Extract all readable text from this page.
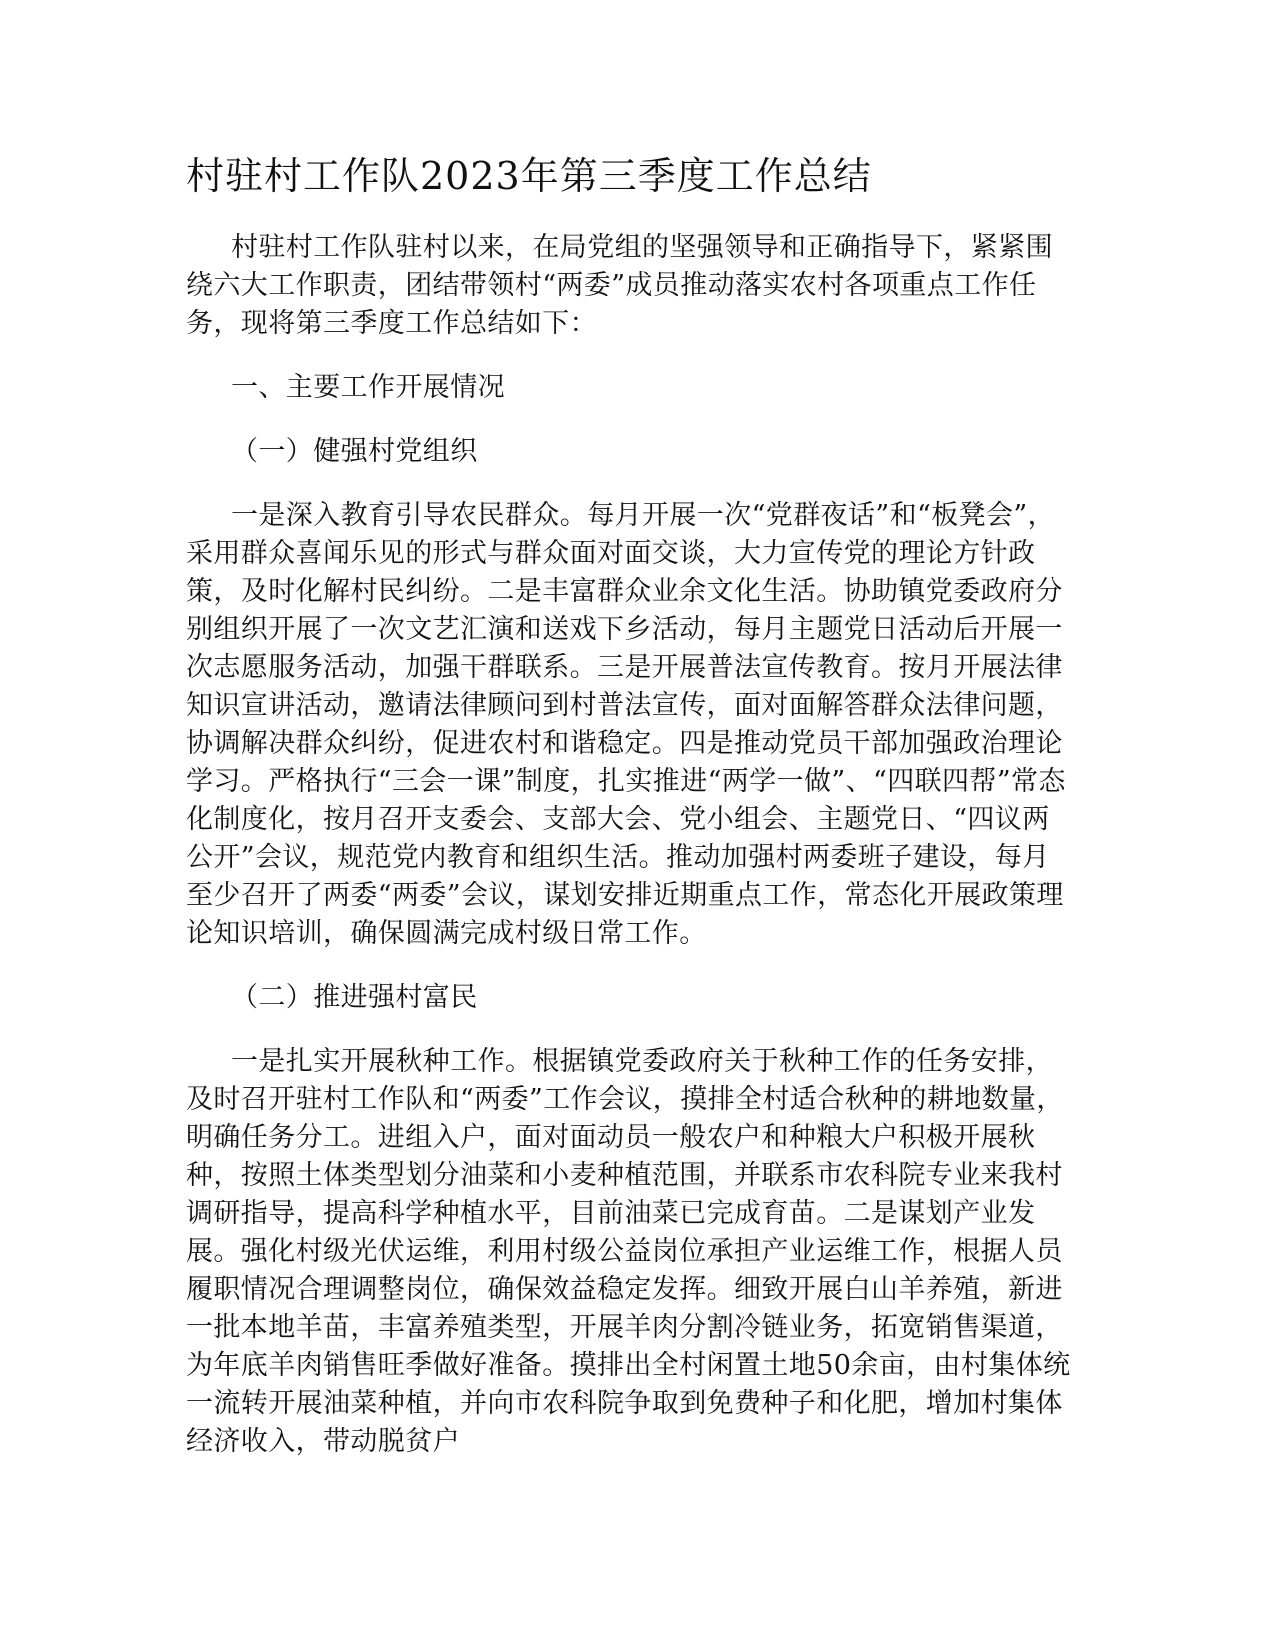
村驻村工作队2023年第三季度工作总结

村驻村工作队驻村以来，在局党组的坚强领导和正确指导下，紧紧围绕六大工作职责，团结带领村“两委”成员推动落实农村各项重点工作任务，现将第三季度工作总结如下：

一、主要工作开展情况

（一）健强村党组织

一是深入教育引导农民群众。每月开展一次“党群夜话”和“板凳会”，采用群众喜闻乐见的形式与群众面对面交谈，大力宣传党的理论方针政策，及时化解村民纠纷。二是丰富群众业余文化生活。协助镇党委政府分别组织开展了一次文艺汇演和送戏下乡活动，每月主题党日活动后开展一次志愿服务活动，加强干群联系。三是开展普法宣传教育。按月开展法律知识宣讲活动，邀请法律顾问到村普法宣传，面对面解答群众法律问题，协调解决群众纠纷，促进农村和谐稳定。四是推动党员干部加强政治理论学习。严格执行“三会一课”制度，扎实推进“两学一做”、“四联四帮”常态化制度化，按月召开支委会、支部大会、党小组会、主题党日、“四议两公开”会议，规范党内教育和组织生活。推动加强村两委班子建设，每月至少召开了两委“两委”会议，谋划安排近期重点工作，常态化开展政策理论知识培训，确保圆满完成村级日常工作。

（二）推进强村富民

一是扎实开展秋种工作。根据镇党委政府关于秋种工作的任务安排，及时召开驻村工作队和“两委”工作会议，摸排全村适合秋种的耕地数量，明确任务分工。进组入户，面对面动员一般农户和种粮大户积极开展秋种，按照土体类型划分油菜和小麦种植范围，并联系市农科院专业来我村调研指导，提高科学种植水平，目前油菜已完成育苗。二是谋划产业发展。强化村级光伏运维，利用村级公益岗位承担产业运维工作，根据人员履职情况合理调整岗位，确保效益稳定发挥。细致开展白山羊养殖，新进一批本地羊苗，丰富养殖类型，开展羊肉分割冷链业务，拓宽销售渠道，为年底羊肉销售旺季做好准备。摸排出全村闲置土地50余亩，由村集体统一流转开展油菜种植，并向市农科院争取到免费种子和化肥，增加村集体经济收入，带动脱贫户
